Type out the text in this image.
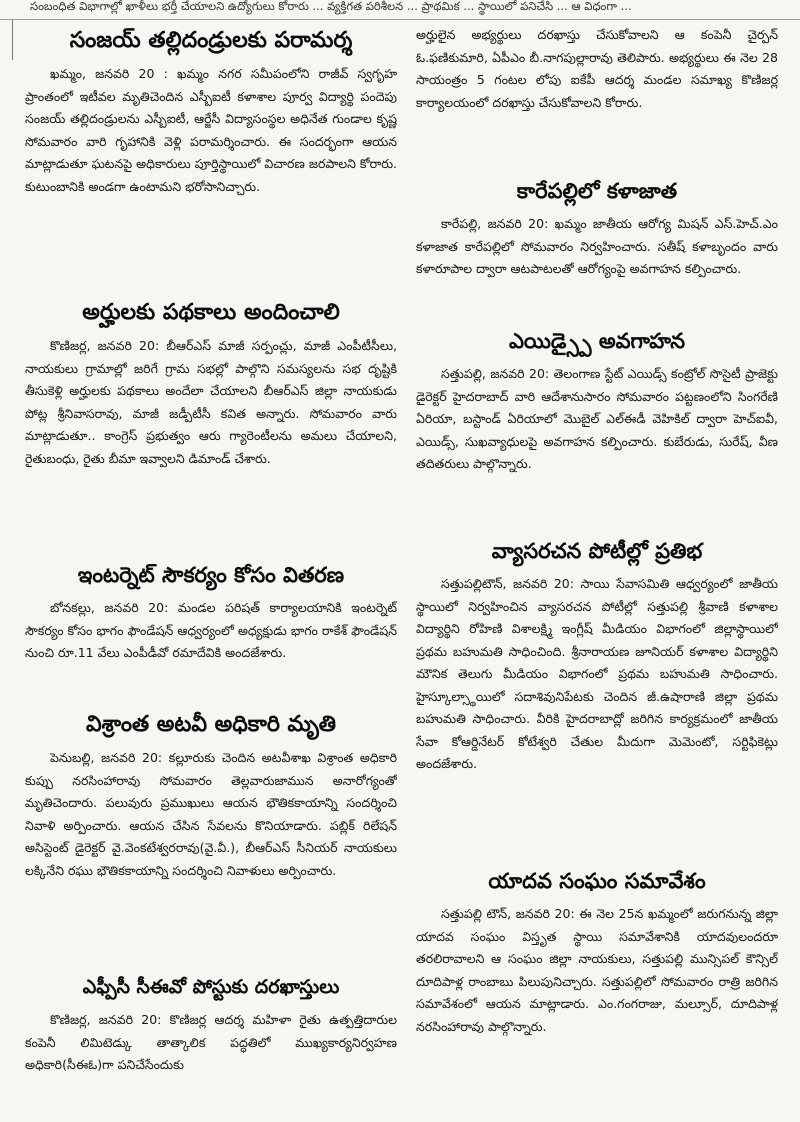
సంబంధిత విభాగాల్లో ఖాళీలు భర్తీ చేయాలని ఉద్యోగులు కోరారు ... వ్యక్తిగత పరిశీలన ... ప్రాథమిక ... స్థాయిలో పనిచేసి ... ఆ విధంగా ...
సంజయ్ తల్లిదండ్రులకు పరామర్శ

ఖమ్మం, జనవరి 20 : ఖమ్మం నగర సమీపంలోని రాజీవ్ స్వగృహ ప్రాంతంలో ఇటీవల మృతిచెందిన ఎస్బీఐటీ కళాశాల పూర్వ విద్యార్థి పందెపు సంజయ్ తల్లిదండ్రులను ఎస్బీఐటీ, ఆర్జేసీ విద్యాసంస్థల అధినేత గుండాల కృష్ణ సోమవారం వారి గృహానికి వెళ్లి పరామర్శించారు. ఈ సందర్భంగా ఆయన మాట్లాడుతూ ఘటనపై అధికారులు పూర్తిస్థాయిలో విచారణ జరపాలని కోరారు. కుటుంబానికి అండగా ఉంటామని భరోసానిచ్చారు.

అర్హులకు పథకాలు అందించాలి

కొణిజర్ల, జనవరి 20: బీఆర్ఎస్ మాజీ సర్పంచ్లు, మాజీ ఎంపీటీసీలు, నాయకులు గ్రామాల్లో జరిగే గ్రామ సభల్లో పాల్గొని సమస్యలను సభ దృష్టికి తీసుకెళ్లి అర్హులకు పథకాలు అందేలా చేయాలని బీఆర్ఎస్ జిల్లా నాయకుడు పోట్ల శ్రీనివాసరావు, మాజీ జడ్పీటీసీ కవిత అన్నారు. సోమవారం వారు మాట్లాడుతూ.. కాంగ్రెస్ ప్రభుత్వం ఆరు గ్యారెంటీలను అమలు చేయాలని, రైతుబంధు, రైతు బీమా ఇవ్వాలని డిమాండ్ చేశారు.

ఇంటర్నెట్ సౌకర్యం కోసం వితరణ

బోనకల్లు, జనవరి 20: మండల పరిషత్ కార్యాలయానికి ఇంటర్నెట్ సౌకర్యం కోసం భాగం ఫౌండేషన్ ఆధ్వర్యంలో అధ్యక్షుడు భాగం రాకేశ్ ఫౌండేషన్ నుంచి రూ.11 వేలు ఎంపీడీవో రమాదేవికి అందజేశారు.

విశ్రాంత అటవీ అధికారి మృతి

పెనుబల్లి, జనవరి 20: కల్లూరుకు చెందిన అటవీశాఖ విశ్రాంత అధికారి కుప్పు నరసింహారావు సోమవారం తెల్లవారుజామున అనారోగ్యంతో మృతిచెందారు. పలువురు ప్రముఖులు ఆయన భౌతికకాయాన్ని సందర్శించి నివాళి అర్పించారు. ఆయన చేసిన సేవలను కొనియాడారు. పబ్లిక్ రిలేషన్ అసిస్టెంట్ డైరెక్టర్ వై.వెంకటేశ్వరరావు(వై.వీ.), బీఆర్ఎస్ సీనియర్ నాయకులు లక్కినేని రఘు భౌతికకాయాన్ని సందర్శించి నివాళులు అర్పించారు.

ఎఫ్పీసీ సీఈవో పోస్టుకు దరఖాస్తులు

కొణిజర్ల, జనవరి 20: కొణిజర్ల ఆదర్శ మహిళా రైతు ఉత్పత్తిదారుల కంపెనీ లిమిటెడ్కు తాత్కాలిక పద్ధతిలో ముఖ్యకార్యనిర్వహణ అధికారి(సీఈఓ)గా పనిచేసేందుకు

అర్హులైన అభ్యర్థులు దరఖాస్తు చేసుకోవాలని ఆ కంపెనీ చైర్పన్ ఓ.ఫణికుమారి, ఏపీఎం బీ.నాగపుల్లారావు తెలిపారు. అభ్యర్థులు ఈ నెల 28 సాయంత్రం 5 గంటల లోపు ఐకేపీ ఆదర్శ మండల సమాఖ్య కొణిజర్ల కార్యాలయంలో దరఖాస్తు చేసుకోవాలని కోరారు.

కారేపల్లిలో కళాజాత

కారేపల్లి, జనవరి 20: ఖమ్మం జాతీయ ఆరోగ్య మిషన్ ఎస్.హెచ్.ఎం కళాజాత కారేపల్లిలో సోమవారం నిర్వహించారు. సతీష్ కళాబృందం వారు కళారూపాల ద్వారా ఆటపాటలతో ఆరోగ్యంపై అవగాహన కల్పించారు.

ఎయిడ్స్పై అవగాహన

సత్తుపల్లి, జనవరి 20: తెలంగాణ స్టేట్ ఎయిడ్స్ కంట్రోల్ సొసైటీ ప్రాజెక్టు డైరెక్టర్ హైదరాబాద్ వారి ఆదేశానుసారం సోమవారం పట్టణంలోని సింగరేణి ఏరియా, బస్టాండ్ ఏరియాలో మొబైల్ ఎల్ఈడీ వెహికిల్ ద్వారా హెచ్ఐవీ, ఎయిడ్స్, సుఖవ్యాధులపై అవగాహన కల్పించారు. కుబేరుడు, సురేష్, వీణ తదితరులు పాల్గొన్నారు.

వ్యాసరచన పోటీల్లో ప్రతిభ

సత్తుపల్లిటౌన్, జనవరి 20: సాయి సేవాసమితి ఆధ్వర్యంలో జాతీయ స్థాయిలో నిర్వహించిన వ్యాసరచన పోటీల్లో సత్తుపల్లి శ్రీవాణి కళాశాల విద్యార్థిని రోహిణి విశాలక్ష్మి ఇంగ్లీష్ మీడియం విభాగంలో జిల్లాస్థాయిలో ప్రథమ బహుమతి సాధించింది. శ్రీనారాయణ జూనియర్ కళాశాల విద్యార్థిని మౌనిక తెలుగు మీడియం విభాగంలో ప్రథమ బహుమతి సాధించారు. హైస్కూల్స్థాయిలో సదాశివునిపేటకు చెందిన జీ.ఉషారాణి జిల్లా ప్రథమ బహుమతి సాధించారు. వీరికి హైదరాబాద్లో జరిగిన కార్యక్రమంలో జాతీయ సేవా కోఆర్డినేటర్ కోటేశ్వరి చేతుల మీదుగా మెమెంటో, సర్టిఫికెట్లు అందజేశారు.

యాదవ సంఘం సమావేశం

సత్తుపల్లి టౌన్, జనవరి 20: ఈ నెల 25న ఖమ్మంలో జరుగనున్న జిల్లా యాదవ సంఘం విస్తృత స్థాయి సమావేశానికి యాదవులందరూ తరలిరావాలని ఆ సంఘం జిల్లా నాయకులు, సత్తుపల్లి మున్సిపల్ కౌన్సిల్ దూదిపాళ్ల రాంబాబు పిలుపునిచ్చారు. సత్తుపల్లిలో సోమవారం రాత్రి జరిగిన సమావేశంలో ఆయన మాట్లాడారు. ఎం.గంగరాజు, మల్సూర్, దూదిపాళ్ల నరసింహారావు పాల్గొన్నారు.
